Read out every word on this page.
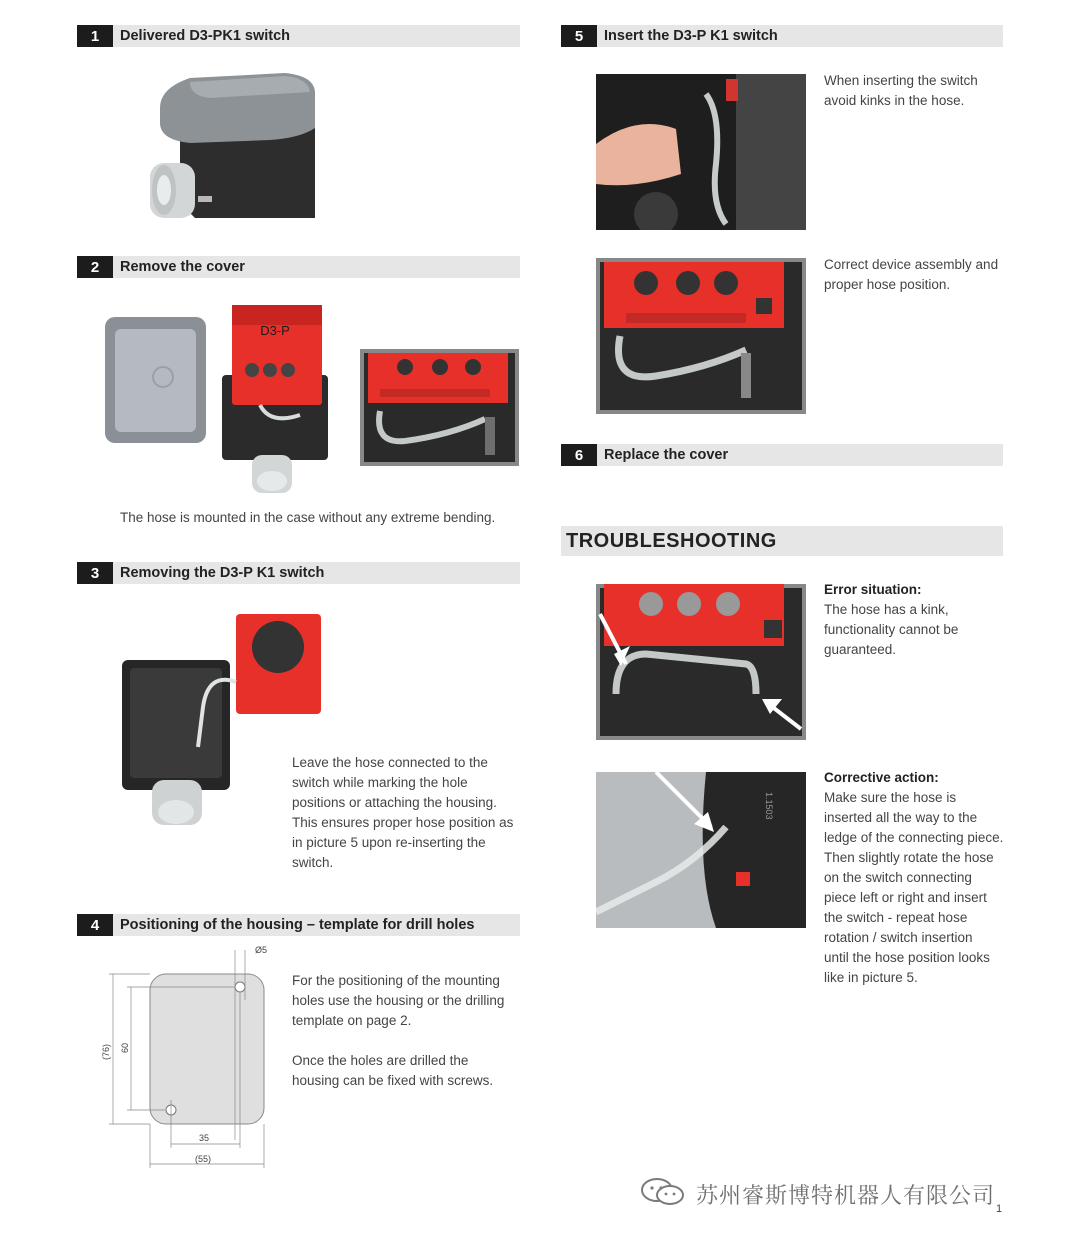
1	Delivered D3-PK1 switch
2	Remove the cover
D3-P
The hose is mounted in the case without any extreme bending.
3	Removing the D3-P K1 switch
Leave the hose connected to the
switch while marking the hole
positions or attaching the housing.
This ensures proper hose position as
in picture 5 upon re-inserting the
switch.
4	Positioning of the housing – template for drill holes
Ø5
(76) 60
35
(55)
For the positioning of the mounting
holes use the housing or the drilling
template on page 2.
Once the holes are drilled the
housing can be fixed with screws.
5	Insert the D3-P K1 switch
When inserting the switch
avoid kinks in the hose.
Correct device assembly and
proper hose position.
6	Replace the cover
TROUBLESHOOTING
Error situation:
The hose has a kink,
functionality cannot be
guaranteed.
1.1503
Corrective action:
Make sure the hose is
inserted all the way to the
ledge of the connecting piece.
Then slightly rotate the hose
on the switch connecting
piece left or right and insert
the switch - repeat hose
rotation / switch insertion
until the hose position looks
like in picture 5.
苏州睿斯博特机器人有限公司
1
